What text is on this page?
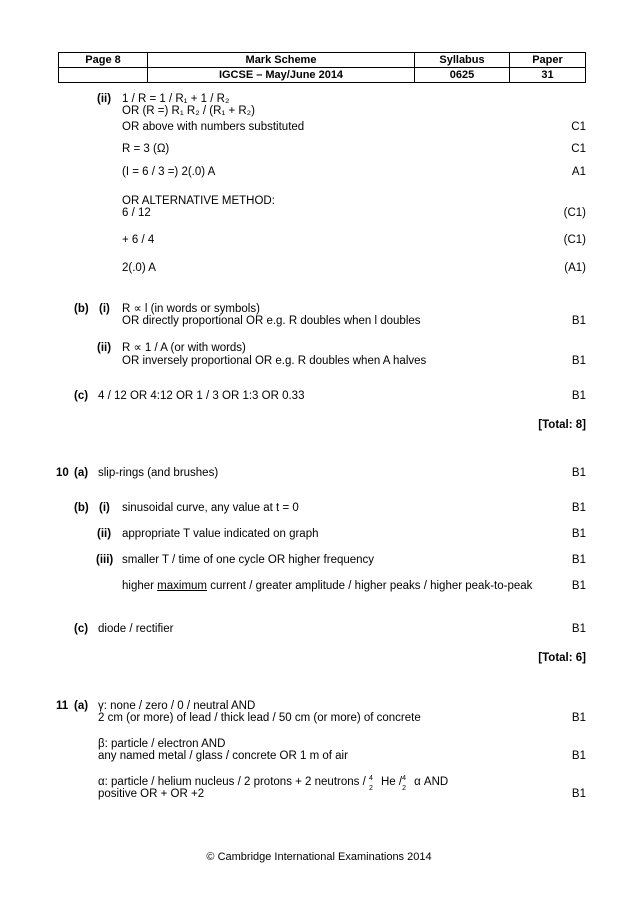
Page 8	Mark Scheme	Syllabus	Paper
	IGCSE – May/June 2014	0625	31
(ii) 1 / R = 1 / R₁ + 1 / R₂
OR (R =) R₁ R₂ / (R₁ + R₂)
OR above with numbers substituted	C1
R = 3 (Ω)	C1
(I = 6 / 3 =) 2(.0) A	A1
OR ALTERNATIVE METHOD:
6 / 12	(C1)
+ 6 / 4	(C1)
2(.0) A	(A1)
(b) (i) R ∝ l (in words or symbols)
OR directly proportional OR e.g. R doubles when l doubles	B1
(ii) R ∝ 1 / A (or with words)
OR inversely proportional OR e.g. R doubles when A halves	B1
(c) 4 / 12 OR 4:12 OR 1 / 3 OR 1:3 OR 0.33	B1
[Total: 8]
10 (a) slip-rings (and brushes)	B1
(b) (i) sinusoidal curve, any value at t = 0	B1
(ii) appropriate T value indicated on graph	B1
(iii) smaller T / time of one cycle OR higher frequency	B1
higher maximum current / greater amplitude / higher peaks / higher peak-to-peak	B1
(c) diode / rectifier	B1
[Total: 6]
11 (a) γ: none / zero / 0 / neutral AND
2 cm (or more) of lead / thick lead / 50 cm (or more) of concrete	B1
β: particle / electron AND
any named metal / glass / concrete OR 1 m of air	B1
α: particle / helium nucleus / 2 protons + 2 neutrons / 4
2
He / 4
2
α AND
positive OR + OR +2	B1
© Cambridge International Examinations 2014
